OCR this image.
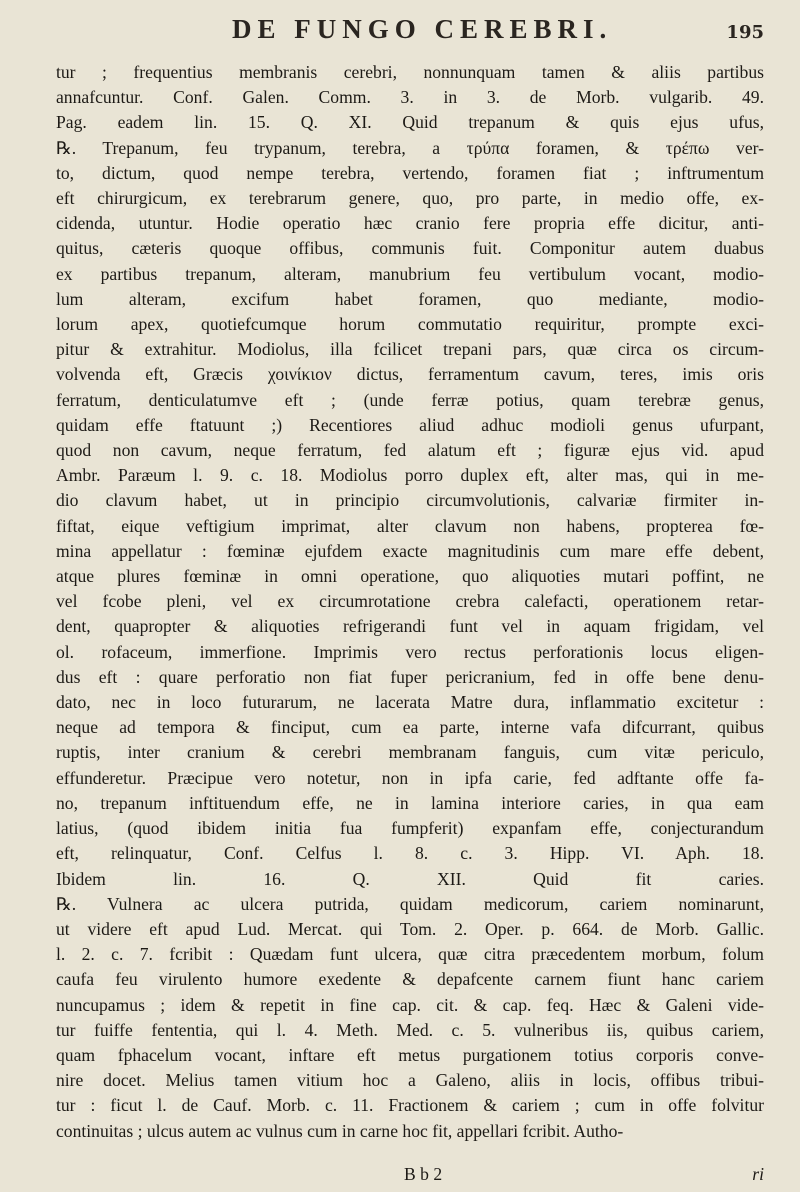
DE FUNGO CEREBRI.	195
tur ; frequentius membranis cerebri, nonnunquam tamen & aliis partibus
annafcuntur. Conf. Galen. Comm. 3. in 3. de Morb. vulgarib. 49.
Pag. eadem lin. 15. Q. XI. Quid trepanum & quis ejus ufus,
℞. Trepanum, feu trypanum, terebra, a τρύπα foramen, & τρέπω ver-
to, dictum, quod nempe terebra, vertendo, foramen fiat ; inftrumentum
eft chirurgicum, ex terebrarum genere, quo, pro parte, in medio offe, ex-
cidenda, utuntur. Hodie operatio hæc cranio fere propria effe dicitur, anti-
quitus, cæteris quoque offibus, communis fuit. Componitur autem duabus
ex partibus trepanum, alteram, manubrium feu vertibulum vocant, modio-
lum alteram, excifum habet foramen, quo mediante, modio-
lorum apex, quotiefcumque horum commutatio requiritur, prompte exci-
pitur & extrahitur. Modiolus, illa fcilicet trepani pars, quæ circa os circum-
volvenda eft, Græcis χοινίκιον dictus, ferramentum cavum, teres, imis oris
ferratum, denticulatumve eft ; (unde ferræ potius, quam terebræ genus,
quidam effe ftatuunt ;) Recentiores aliud adhuc modioli genus ufurpant,
quod non cavum, neque ferratum, fed alatum eft ; figuræ ejus vid. apud
Ambr. Paræum l. 9. c. 18. Modiolus porro duplex eft, alter mas, qui in me-
dio clavum habet, ut in principio circumvolutionis, calvariæ firmiter in-
fiftat, eique veftigium imprimat, alter clavum non habens, propterea fœ-
mina appellatur : fœminæ ejufdem exacte magnitudinis cum mare effe debent,
atque plures fœminæ in omni operatione, quo aliquoties mutari poffint, ne
vel fcobe pleni, vel ex circumrotatione crebra calefacti, operationem retar-
dent, quapropter & aliquoties refrigerandi funt vel in aquam frigidam, vel
ol. rofaceum, immerfione. Imprimis vero rectus perforationis locus eligen-
dus eft : quare perforatio non fiat fuper pericranium, fed in offe bene denu-
dato, nec in loco futurarum, ne lacerata Matre dura, inflammatio excitetur :
neque ad tempora & finciput, cum ea parte, interne vafa difcurrant, quibus
ruptis, inter cranium & cerebri membranam fanguis, cum vitæ periculo,
effunderetur. Præcipue vero notetur, non in ipfa carie, fed adftante offe fa-
no, trepanum inftituendum effe, ne in lamina interiore caries, in qua eam
latius, (quod ibidem initia fua fumpferit) expanfam effe, conjecturandum
eft, relinquatur, Conf. Celfus l. 8. c. 3. Hipp. VI. Aph. 18.
Ibidem lin. 16. Q. XII. Quid fit caries.
℞. Vulnera ac ulcera putrida, quidam medicorum, cariem nominarunt,
ut videre eft apud Lud. Mercat. qui Tom. 2. Oper. p. 664. de Morb. Gallic.
l. 2. c. 7. fcribit : Quædam funt ulcera, quæ citra præcedentem morbum, folum
caufa feu virulento humore exedente & depafcente carnem fiunt hanc cariem
nuncupamus ; idem & repetit in fine cap. cit. & cap. feq. Hæc & Galeni vide-
tur fuiffe fententia, qui l. 4. Meth. Med. c. 5. vulneribus iis, quibus cariem,
quam fphacelum vocant, inftare eft metus purgationem totius corporis conve-
nire docet. Melius tamen vitium hoc a Galeno, aliis in locis, offibus tribui-
tur : ficut l. de Cauf. Morb. c. 11. Fractionem & cariem ; cum in offe folvitur
continuitas ; ulcus autem ac vulnus cum in carne hoc fit, appellari fcribit. Autho-
B b 2	ri
